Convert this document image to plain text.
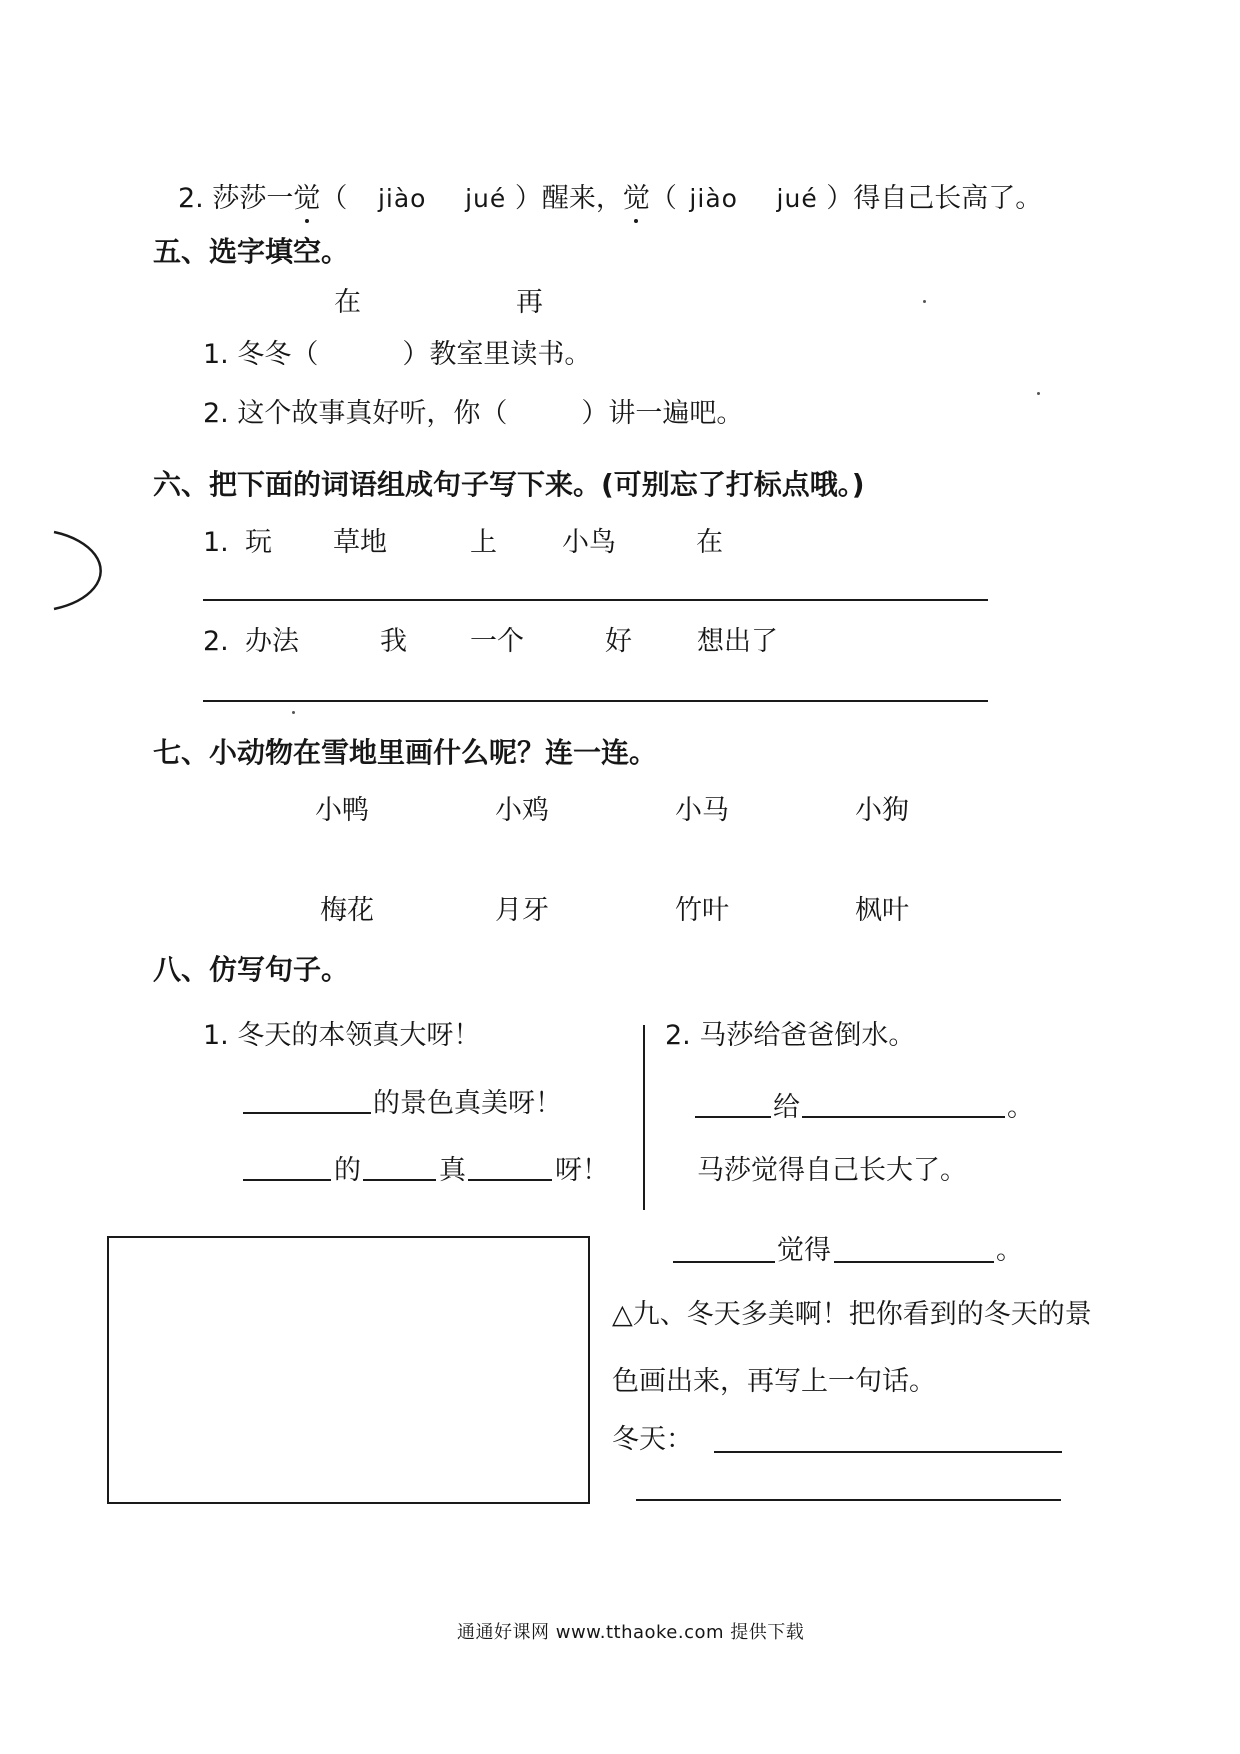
2. 莎莎一觉（ jiào jué ）醒来，觉（ jiào jué ）得自己长高了。
五、选字填空。
在	再
1. 冬冬（	）教室里读书。
2. 这个故事真好听，你（	）讲一遍吧。
六、把下面的词语组成句子写下来。(可别忘了打标点哦。)
1. 玩 草地	上 小鸟	在
2. 办法	我 一个	好 想出了
七、小动物在雪地里画什么呢？连一连。
小鸭	小鸡	小马	小狗
梅花	月牙	竹叶	枫叶
八、仿写句子。
1. 冬天的本领真大呀！
的景色真美呀！
的	真	呀！
2. 马莎给爸爸倒水。
给	。
马莎觉得自己长大了。
觉得	。
△九、冬天多美啊！把你看到的冬天的景
色画出来，再写上一句话。
冬天：
通通好课网 www.tthaoke.com 提供下载
